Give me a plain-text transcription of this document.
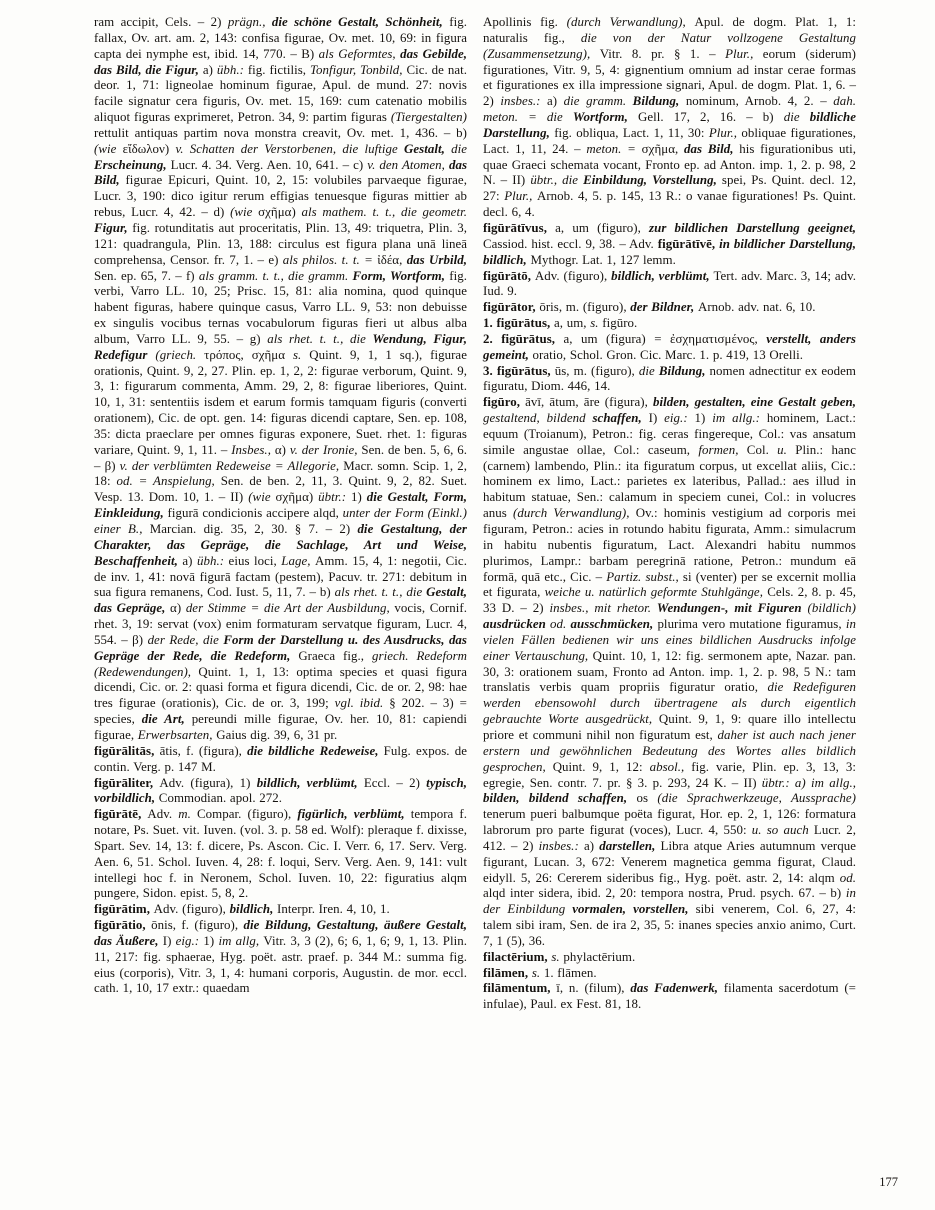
ram accipit, Cels. – 2) prägn., die schöne Gestalt, Schönheit, fig. fallax, Ov. art. am. 2, 143: confisa figurae, Ov. met. 10, 69: in figura capta dei nymphe est, ibid. 14, 770. – B) als Geformtes, das Gebilde, das Bild, die Figur, a) übh.: fig. fictilis, Tonfigur, Tonbild, Cic. de nat. deor. 1, 71: ligneolae hominum figurae, Apul. de mund. 27: novis facile signatur cera figuris, Ov. met. 15, 169: cum catenatio mobilis aliquot figuras exprimeret, Petron. 34, 9: partim figuras (Tiergestalten) rettulit antiquas partim nova monstra creavit, Ov. met. 1, 436. – b) (wie εἴδωλον) v. Schatten der Verstorbenen, die luftige Gestalt, die Erscheinung, Lucr. 4. 34. Verg. Aen. 10, 641. – c) v. den Atomen, das Bild, figurae Epicuri, Quint. 10, 2, 15: volubiles parvaeque figurae, Lucr. 3, 190: dico igitur rerum effigias tenuesque figuras mittier ab rebus, Lucr. 4, 42. – d) (wie σχῆμα) als mathem. t. t., die geometr. Figur, fig. rotunditatis aut proceritatis, Plin. 13, 49: triquetra, Plin. 3, 121: quadrangula, Plin. 13, 188: circulus est figura plana unā lineā comprehensa, Censor. fr. 7, 1. – e) als philos. t. t. = ἰδέα, das Urbild, Sen. ep. 65, 7. – f) als gramm. t. t., die gramm. Form, Wortform, fig. verbi, Varro LL. 10, 25; Prisc. 15, 81: alia nomina, quod quinque habent figuras, habere quinque casus, Varro LL. 9, 53: non debuisse ex singulis vocibus ternas vocabulorum figuras fieri ut albus alba album, Varro LL. 9, 55. – g) als rhet. t. t., die Wendung, Figur, Redefigur (griech. τρόπος, σχῆμα s. Quint. 9, 1, 1 sq.), figurae orationis, Quint. 9, 2, 27. Plin. ep. 1, 2, 2: figurae verborum, Quint. 9, 3, 1: figurarum commenta, Amm. 29, 2, 8: figurae liberiores, Quint. 10, 1, 31: sententiis isdem et earum formis tamquam figuris (converti orationem), Cic. de opt. gen. 14: figuras dicendi captare, Sen. ep. 108, 35: dicta praeclare per omnes figuras exponere, Suet. rhet. 1: figuras variare, Quint. 9, 1, 11. – Insbes., α) v. der Ironie, Sen. de ben. 5, 6, 6. – β) v. der verblümten Redeweise = Allegorie, Macr. somn. Scip. 1, 2, 18: od. = Anspielung, Sen. de ben. 2, 11, 3. Quint. 9, 2, 82. Suet. Vesp. 13. Dom. 10, 1. – II) (wie σχῆμα) übtr.: 1) die Gestalt, Form, Einkleidung, figurā condicionis accipere alqd, unter der Form (Einkl.) einer B., Marcian. dig. 35, 2, 30. § 7. – 2) die Gestaltung, der Charakter, das Gepräge, die Sachlage, Art und Weise, Beschaffenheit, a) übh.: eius loci, Lage, Amm. 15, 4, 1: negotii, Cic. de inv. 1, 41: novā figurā factam (pestem), Pacuv. tr. 271: debitum in sua figura remanens, Cod. Iust. 5, 11, 7. – b) als rhet. t. t., die Gestalt, das Gepräge, α) der Stimme = die Art der Ausbildung, vocis, Cornif. rhet. 3, 19: servat (vox) enim formaturam servatque figuram, Lucr. 4, 554. – β) der Rede, die Form der Darstellung u. des Ausdrucks, das Gepräge der Rede, die Redeform, Graeca fig., griech. Redeform (Redewendungen), Quint. 1, 1, 13: optima species et quasi figura dicendi, Cic. or. 2: quasi forma et figura dicendi, Cic. de or. 2, 98: hae tres figurae (orationis), Cic. de or. 3, 199; vgl. ibid. § 202. – 3) = species, die Art, pereundi mille figurae, Ov. her. 10, 81: capiendi figurae, Erwerbsarten, Gaius dig. 39, 6, 31 pr.

figūrālitās, ātis, f. (figura), die bildliche Redeweise, Fulg. expos. de contin. Verg. p. 147 M.

figūrāliter, Adv. (figura), 1) bildlich, verblümt, Eccl. – 2) typisch, vorbildlich, Commodian. apol. 272.

figūrātē, Adv. m. Compar. (figuro), figürlich, verblümt, tempora f. notare, Ps. Suet. vit. Iuven. (vol. 3. p. 58 ed. Wolf): pleraque f. dixisse, Spart. Sev. 14, 13: f. dicere, Ps. Ascon. Cic. I. Verr. 6, 17. Serv. Verg. Aen. 6, 51. Schol. Iuven. 4, 28: f. loqui, Serv. Verg. Aen. 9, 141: vult intellegi hoc f. in Neronem, Schol. Iuven. 10, 22: figuratius alqm pungere, Sidon. epist. 5, 8, 2.

figūrātim, Adv. (figuro), bildlich, Interpr. Iren. 4, 10, 1.

figūrātio, ōnis, f. (figuro), die Bildung, Gestaltung, äußere Gestalt, das Äußere, I) eig.: 1) im allg, Vitr. 3, 3 (2), 6; 6, 1, 6; 9, 1, 13. Plin. 11, 217: fig. sphaerae, Hyg. poët. astr. praef. p. 344 M.: summa fig. eius (corporis), Vitr. 3, 1, 4: humani corporis, Augustin. de mor. eccl. cath. 1, 10, 17 extr.: quaedam

Apollinis fig. (durch Verwandlung), Apul. de dogm. Plat. 1, 1: naturalis fig., die von der Natur vollzogene Gestaltung (Zusammensetzung), Vitr. 8. pr. § 1. – Plur., eorum (siderum) figurationes, Vitr. 9, 5, 4: gignentium omnium ad instar cerae formas et figurationes ex illa impressione signari, Apul. de dogm. Plat. 1, 6. – 2) insbes.: a) die gramm. Bildung, nominum, Arnob. 4, 2. – dah. meton. = die Wortform, Gell. 17, 2, 16. – b) die bildliche Darstellung, fig. obliqua, Lact. 1, 11, 30: Plur., obliquae figurationes, Lact. 1, 11, 24. – meton. = σχῆμα, das Bild, his figurationibus uti, quae Graeci schemata vocant, Fronto ep. ad Anton. imp. 1, 2. p. 98, 2 N. – II) übtr., die Einbildung, Vorstellung, spei, Ps. Quint. decl. 12, 27: Plur., Arnob. 4, 5. p. 145, 13 R.: o vanae figurationes! Ps. Quint. decl. 6, 4.

figūrātīvus, a, um (figuro), zur bildlichen Darstellung geeignet, Cassiod. hist. eccl. 9, 38. – Adv. figūrātīvē, in bildlicher Darstellung, bildlich, Mythogr. Lat. 1, 127 lemm.

figūrātō, Adv. (figuro), bildlich, verblümt, Tert. adv. Marc. 3, 14; adv. Iud. 9.

figūrātor, ōris, m. (figuro), der Bildner, Arnob. adv. nat. 6, 10.

1. figūrātus, a, um, s. figūro.

2. figūrātus, a, um (figura) = ἐσχηματισμένος, verstellt, anders gemeint, oratio, Schol. Gron. Cic. Marc. 1. p. 419, 13 Orelli.

3. figūrātus, ūs, m. (figuro), die Bildung, nomen adnectitur ex eodem figuratu, Diom. 446, 14.

figūro, āvī, ātum, āre (figura), bilden, gestalten, eine Gestalt geben, gestaltend, bildend schaffen, I) eig.: 1) im allg.: hominem, Lact.: equum (Troianum), Petron.: fig. ceras fingereque, Col.: vas ansatum simile angustae ollae, Col.: caseum, formen, Col. u. Plin.: hanc (carnem) lambendo, Plin.: ita figuratum corpus, ut excellat aliis, Cic.: hominem ex limo, Lact.: parietes ex lateribus, Pallad.: aes illud in habitum statuae, Sen.: calamum in speciem cunei, Col.: in volucres anus (durch Verwandlung), Ov.: hominis vestigium ad corporis mei figuram, Petron.: acies in rotundo habitu figurata, Amm.: simulacrum in habitu nubentis figuratum, Lact. Alexandri habitu nummos plurimos, Lampr.: barbam peregrinā ratione, Petron.: mundum eā formā, quā etc., Cic. – Partiz. subst., si (venter) per se excernit mollia et figurata, weiche u. natürlich geformte Stuhlgänge, Cels. 2, 8. p. 45, 33 D. – 2) insbes., mit rhetor. Wendungen-, mit Figuren (bildlich) ausdrücken od. ausschmücken, plurima vero mutatione figuramus, in vielen Fällen bedienen wir uns eines bildlichen Ausdrucks infolge einer Vertauschung, Quint. 10, 1, 12: fig. sermonem apte, Nazar. pan. 30, 3: orationem suam, Fronto ad Anton. imp. 1, 2. p. 98, 5 N.: tam translatis verbis quam propriis figuratur oratio, die Redefiguren werden ebensowohl durch übertragene als durch eigentlich gebrauchte Worte ausgedrückt, Quint. 9, 1, 9: quare illo intellectu priore et communi nihil non figuratum est, daher ist auch nach jener erstern und gewöhnlichen Bedeutung des Wortes alles bildlich gesprochen, Quint. 9, 1, 12: absol., fig. varie, Plin. ep. 3, 13, 3: egregie, Sen. contr. 7. pr. § 3. p. 293, 24 K. – II) übtr.: a) im allg., bilden, bildend schaffen, os (die Sprachwerkzeuge, Aussprache) tenerum pueri balbumque poëta figurat, Hor. ep. 2, 1, 126: formatura labrorum pro parte figurat (voces), Lucr. 4, 550: u. so auch Lucr. 2, 412. – 2) insbes.: a) darstellen, Libra atque Aries autumnum verque figurant, Lucan. 3, 672: Venerem magnetica gemma figurat, Claud. eidyll. 5, 26: Cererem sideribus fig., Hyg. poët. astr. 2, 14: alqm od. alqd inter sidera, ibid. 2, 20: tempora nostra, Prud. psych. 67. – b) in der Einbildung vormalen, vorstellen, sibi venerem, Col. 6, 27, 4: talem sibi iram, Sen. de ira 2, 35, 5: inanes species anxio animo, Curt. 7, 1 (5), 36.

filactērium, s. phylactērium.

filāmen, s. 1. flāmen.

filāmentum, ī, n. (filum), das Fadenwerk, filamenta sacerdotum (= infulae), Paul. ex Fest. 81, 18.

177
